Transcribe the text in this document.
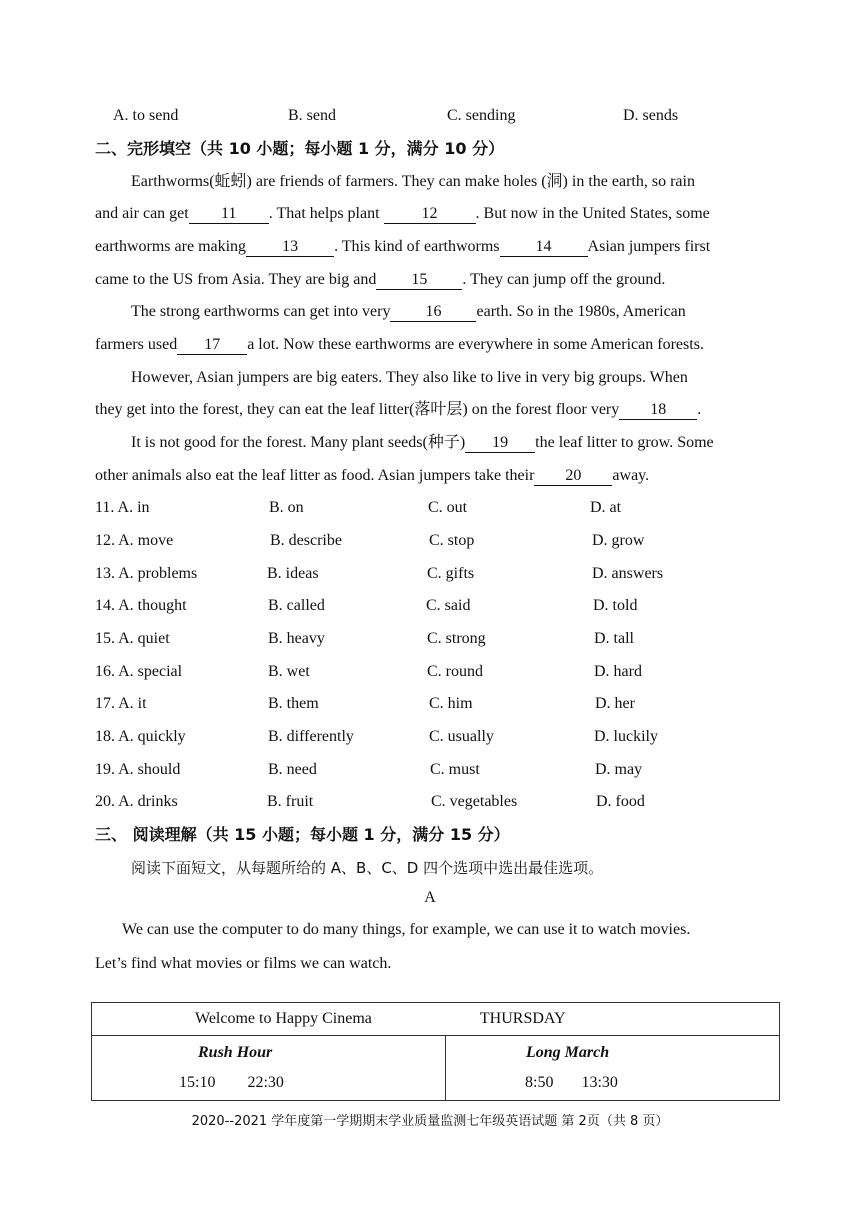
A. to send	B. send	C. sending	D. sends
二、完形填空（共 10 小题；每小题 1 分，满分 10 分）
Earthworms(蚯蚓) are friends of farmers. They can make holes (洞) in the earth, so rain
and air can get 11 . That helps plant 12 . But now in the United States, some
earthworms are making 13 . This kind of earthworms 14 Asian jumpers first
came to the US from Asia. They are big and 15 . They can jump off the ground.
The strong earthworms can get into very 16 earth. So in the 1980s, American
farmers used 17 a lot. Now these earthworms are everywhere in some American forests.
However, Asian jumpers are big eaters. They also like to live in very big groups. When
they get into the forest, they can eat the leaf litter(落叶层) on the forest floor very 18 .
It is not good for the forest. Many plant seeds(种子) 19 the leaf litter to grow. Some
other animals also eat the leaf litter as food. Asian jumpers take their 20 away.
11. A. in	B. on	C. out	D. at
12. A. move	B. describe	C. stop	D. grow
13. A. problems	B. ideas	C. gifts	D. answers
14. A. thought	B. called	C. said	D. told
15. A. quiet	B. heavy	C. strong	D. tall
16. A. special	B. wet	C. round	D. hard
17. A. it	B. them	C. him	D. her
18. A. quickly	B. differently	C. usually	D. luckily
19. A. should	B. need	C. must	D. may
20. A. drinks	B. fruit	C. vegetables	D. food
三、 阅读理解（共 15 小题；每小题 1 分，满分 15 分）
阅读下面短文，从每题所给的 A、B、C、D 四个选项中选出最佳选项。
A
We can use the computer to do many things, for example, we can use it to watch movies.
Let’s find what movies or films we can watch.
Welcome to Happy Cinema	THURSDAY

Rush Hour
15:10 22:30

Long March
8:50 13:30
2020--2021 学年度第一学期期末学业质量监测七年级英语试题 第 2页（共 8 页）
